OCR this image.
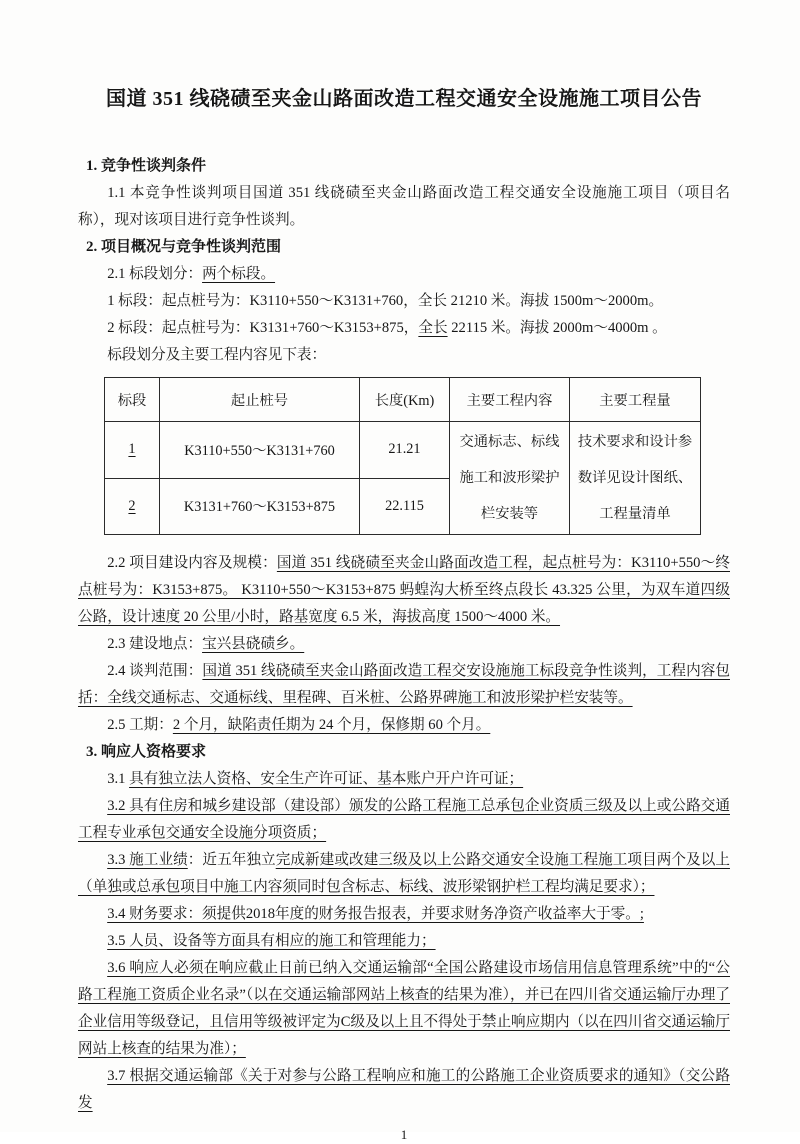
国道 351 线硗碛至夹金山路面改造工程交通安全设施施工项目公告
1. 竞争性谈判条件

1.1 本竞争性谈判项目国道 351 线硗碛至夹金山路面改造工程交通安全设施施工项目（项目名称），现对该项目进行竞争性谈判。

2. 项目概况与竞争性谈判范围

2.1 标段划分：两个标段。

1 标段：起点桩号为：K3110+550～K3131+760，全长 21210 米。海拔 1500m～2000m。

2 标段：起点桩号为：K3131+760～K3153+875，全长 22115 米。海拔 2000m～4000m 。

标段划分及主要工程内容见下表：

标段	起止桩号	长度(Km)	主要工程内容	主要工程量
1	K3110+550～K3131+760	21.21	交通标志、标线施工和波形梁护栏安装等	技术要求和设计参数详见设计图纸、工程量清单
2	K3131+760～K3153+875	22.115		

2.2 项目建设内容及规模：国道 351 线硗碛至夹金山路面改造工程，起点桩号为：K3110+550～终点桩号为：K3153+875。 K3110+550～K3153+875 蚂蝗沟大桥至终点段长 43.325 公里，为双车道四级公路，设计速度 20 公里/小时，路基宽度 6.5 米，海拔高度 1500～4000 米。

2.3 建设地点：宝兴县硗碛乡。

2.4 谈判范围：国道 351 线硗碛至夹金山路面改造工程交安设施施工标段竞争性谈判，工程内容包括：全线交通标志、交通标线、里程碑、百米桩、公路界碑施工和波形梁护栏安装等。

2.5 工期：2 个月，缺陷责任期为 24 个月，保修期 60 个月。

3. 响应人资格要求

3.1 具有独立法人资格、安全生产许可证、基本账户开户许可证；

3.2 具有住房和城乡建设部（建设部）颁发的公路工程施工总承包企业资质三级及以上或公路交通工程专业承包交通安全设施分项资质；

3.3 施工业绩：近五年独立完成新建或改建三级及以上公路交通安全设施工程施工项目两个及以上（单独或总承包项目中施工内容须同时包含标志、标线、波形梁钢护栏工程均满足要求）；

3.4 财务要求：须提供2018年度的财务报告报表，并要求财务净资产收益率大于零。;

3.5 人员、设备等方面具有相应的施工和管理能力；

3.6 响应人必须在响应截止日前已纳入交通运输部“全国公路建设市场信用信息管理系统”中的“公路工程施工资质企业名录”（以在交通运输部网站上核查的结果为准），并已在四川省交通运输厅办理了企业信用等级登记，且信用等级被评定为C级及以上且不得处于禁止响应期内（以在四川省交通运输厅网站上核查的结果为准）；

3.7 根据交通运输部《关于对参与公路工程响应和施工的公路施工企业资质要求的通知》（交公路发

1
